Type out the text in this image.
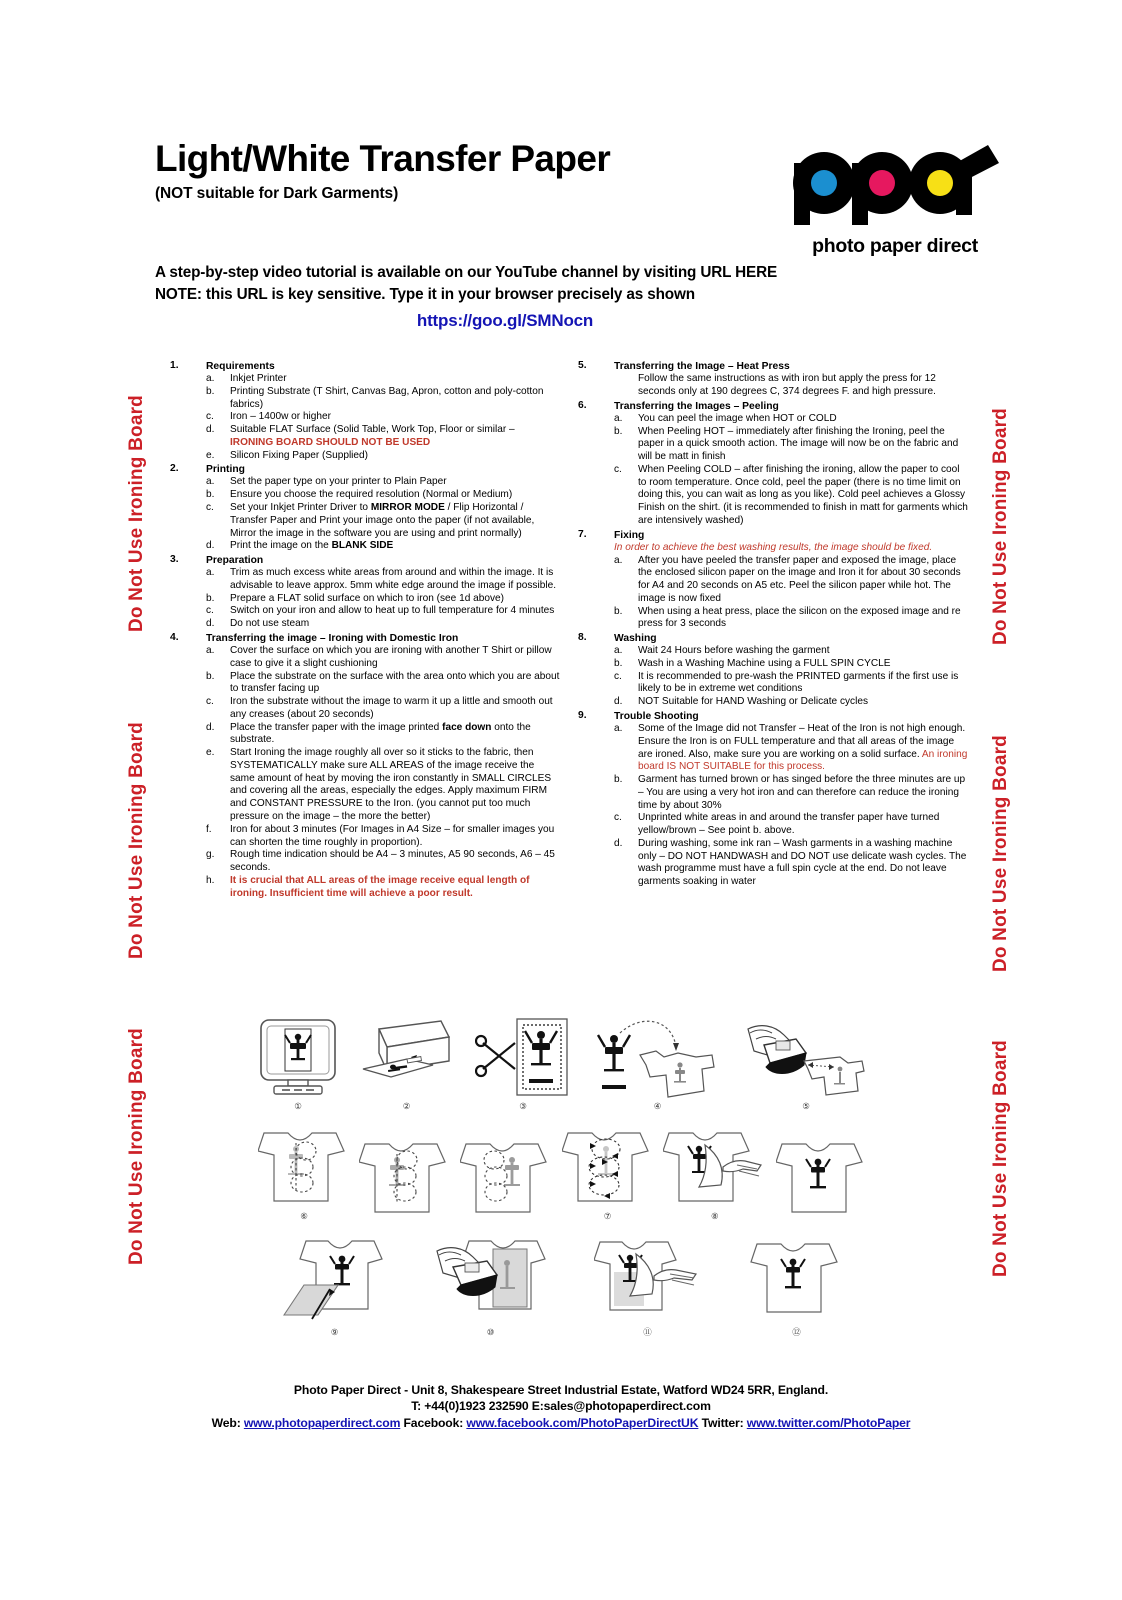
Do Not Use Ironing Board
Do Not Use Ironing Board
Do Not Use Ironing Board
Do Not Use Ironing Board
Do Not Use Ironing Board
Do Not Use Ironing Board
Light/White Transfer Paper
(NOT suitable for Dark Garments)
photo paper direct
A step-by-step video tutorial is available on our YouTube channel by visiting URL HERE
NOTE: this URL is key sensitive. Type it in your browser precisely as shown
https://goo.gl/SMNocn
1.	Requirements
a.	Inkjet Printer
b.	Printing Substrate (T Shirt, Canvas Bag, Apron, cotton and poly-cotton fabrics)
c.	Iron – 1400w or higher
d.	Suitable FLAT Surface (Solid Table, Work Top, Floor or similar – IRONING BOARD SHOULD NOT BE USED
e.	Silicon Fixing Paper (Supplied)
2.	Printing
a.	Set the paper type on your printer to Plain Paper
b.	Ensure you choose the required resolution (Normal or Medium)
c.	Set your Inkjet Printer Driver to MIRROR MODE / Flip Horizontal / Transfer Paper and Print your image onto the paper (if not available, Mirror the image in the software you are using and print normally)
d.	Print the image on the BLANK SIDE
3.	Preparation
a.	Trim as much excess white areas from around and within the image. It is advisable to leave approx. 5mm white edge around the image if possible.
b.	Prepare a FLAT solid surface on which to iron (see 1d above)
c.	Switch on your iron and allow to heat up to full temperature for 4 minutes
d.	Do not use steam
4.	Transferring the image – Ironing with Domestic Iron
a.	Cover the surface on which you are ironing with another T Shirt or pillow case to give it a slight cushioning
b.	Place the substrate on the surface with the area onto which you are about to transfer facing up
c.	Iron the substrate without the image to warm it up a little and smooth out any creases (about 20 seconds)
d.	Place the transfer paper with the image printed face down onto the substrate.
e.	Start Ironing the image roughly all over so it sticks to the fabric, then SYSTEMATICALLY make sure ALL AREAS of the image receive the same amount of heat by moving the iron constantly in SMALL CIRCLES and covering all the areas, especially the edges. Apply maximum FIRM and CONSTANT PRESSURE to the Iron. (you cannot put too much pressure on the image – the more the better)
f.	Iron for about 3 minutes (For Images in A4 Size – for smaller images you can shorten the time roughly in proportion).
g.	Rough time indication should be A4 – 3 minutes, A5 90 seconds, A6 – 45 seconds.
h.	It is crucial that ALL areas of the image receive equal length of ironing. Insufficient time will achieve a poor result.
5.	Transferring the Image – Heat Press
Follow the same instructions as with iron but apply the press for 12 seconds only at 190 degrees C, 374 degrees F. and high pressure.
6.	Transferring the Images – Peeling
a.	You can peel the image when HOT or COLD
b.	When Peeling HOT – immediately after finishing the Ironing, peel the paper in a quick smooth action. The image will now be on the fabric and will be matt in finish
c.	When Peeling COLD – after finishing the ironing, allow the paper to cool to room temperature. Once cold, peel the paper (there is no time limit on doing this, you can wait as long as you like). Cold peel achieves a Glossy Finish on the shirt. (it is recommended to finish in matt for garments which are intensively washed)
7.	Fixing
In order to achieve the best washing results, the image should be fixed.
a.	After you have peeled the transfer paper and exposed the image, place the enclosed silicon paper on the image and Iron it for about 30 seconds for A4 and 20 seconds on A5 etc. Peel the silicon paper while hot. The image is now fixed
b.	When using a heat press, place the silicon on the exposed image and re press for 3 seconds
8.	Washing
a.	Wait 24 Hours before washing the garment
b.	Wash in a Washing Machine using a FULL SPIN CYCLE
c.	It is recommended to pre-wash the PRINTED garments if the first use is likely to be in extreme wet conditions
d.	NOT Suitable for HAND Washing or Delicate cycles
9.	Trouble Shooting
a.	Some of the Image did not Transfer – Heat of the Iron is not high enough. Ensure the Iron is on FULL temperature and that all areas of the image are ironed. Also, make sure you are working on a solid surface. An ironing board IS NOT SUITABLE for this process.
b.	Garment has turned brown or has singed before the three minutes are up – You are using a very hot iron and can therefore can reduce the ironing time by about 30%
c.	Unprinted white areas in and around the transfer paper have turned yellow/brown – See point b. above.
d.	During washing, some ink ran – Wash garments in a washing machine only – DO NOT HANDWASH and DO NOT use delicate wash cycles. The wash programme must have a full spin cycle at the end. Do not leave garments soaking in water
①	②	③	④	⑤
⑥	⑦	⑧
⑨	⑩	⑪	⑫
Photo Paper Direct - Unit 8, Shakespeare Street Industrial Estate, Watford WD24 5RR, England.
T: +44(0)1923 232590 E:sales@photopaperdirect.com
Web: www.photopaperdirect.com Facebook: www.facebook.com/PhotoPaperDirectUK Twitter: www.twitter.com/PhotoPaper
